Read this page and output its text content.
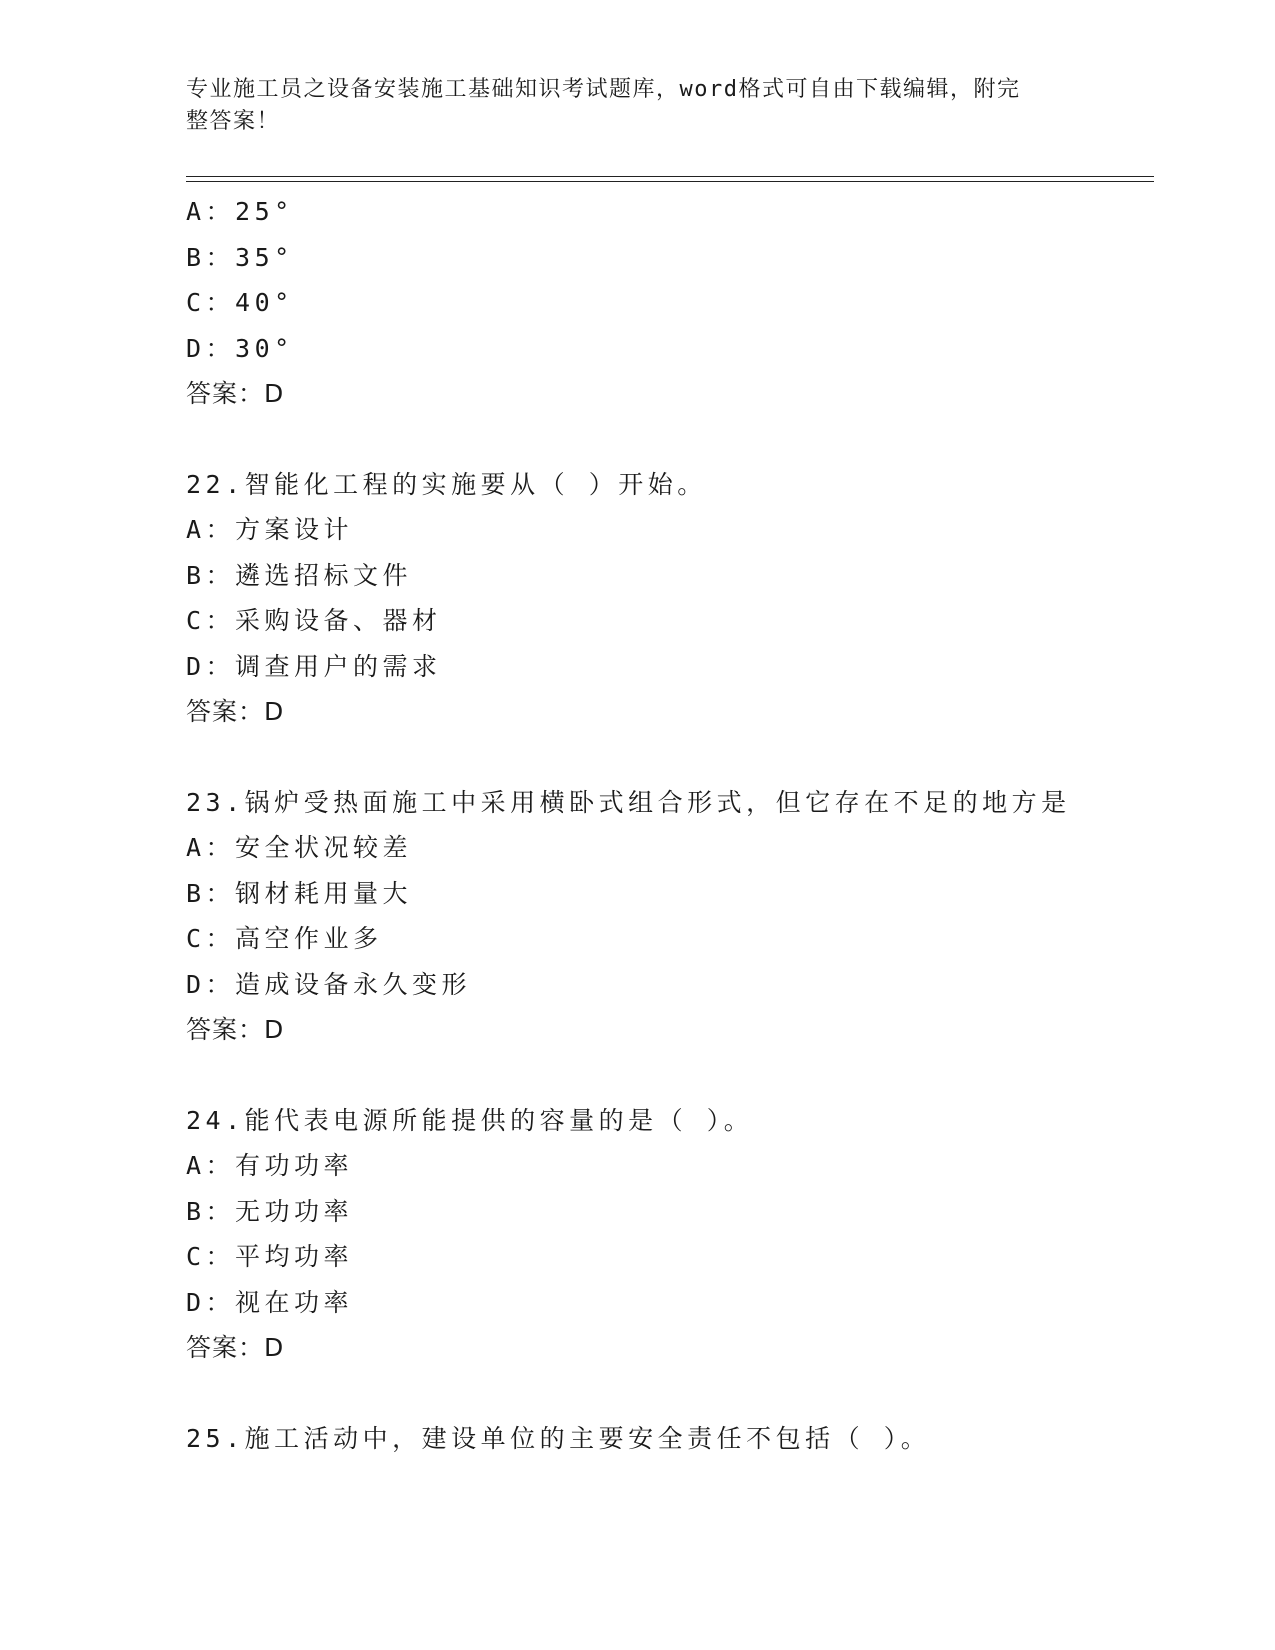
专业施工员之设备安装施工基础知识考试题库，word格式可自由下载编辑，附完
整答案！
A：25°
B：35°
C：40°
D：30°
答案：D
22.智能化工程的实施要从（ ）开始。
A：方案设计
B：遴选招标文件
C：采购设备、器材
D：调查用户的需求
答案：D
23.锅炉受热面施工中采用横卧式组合形式，但它存在不足的地方是
A：安全状况较差
B：钢材耗用量大
C：高空作业多
D：造成设备永久变形
答案：D
24.能代表电源所能提供的容量的是（ ）。
A：有功功率
B：无功功率
C：平均功率
D：视在功率
答案：D
25.施工活动中，建设单位的主要安全责任不包括（ ）。
